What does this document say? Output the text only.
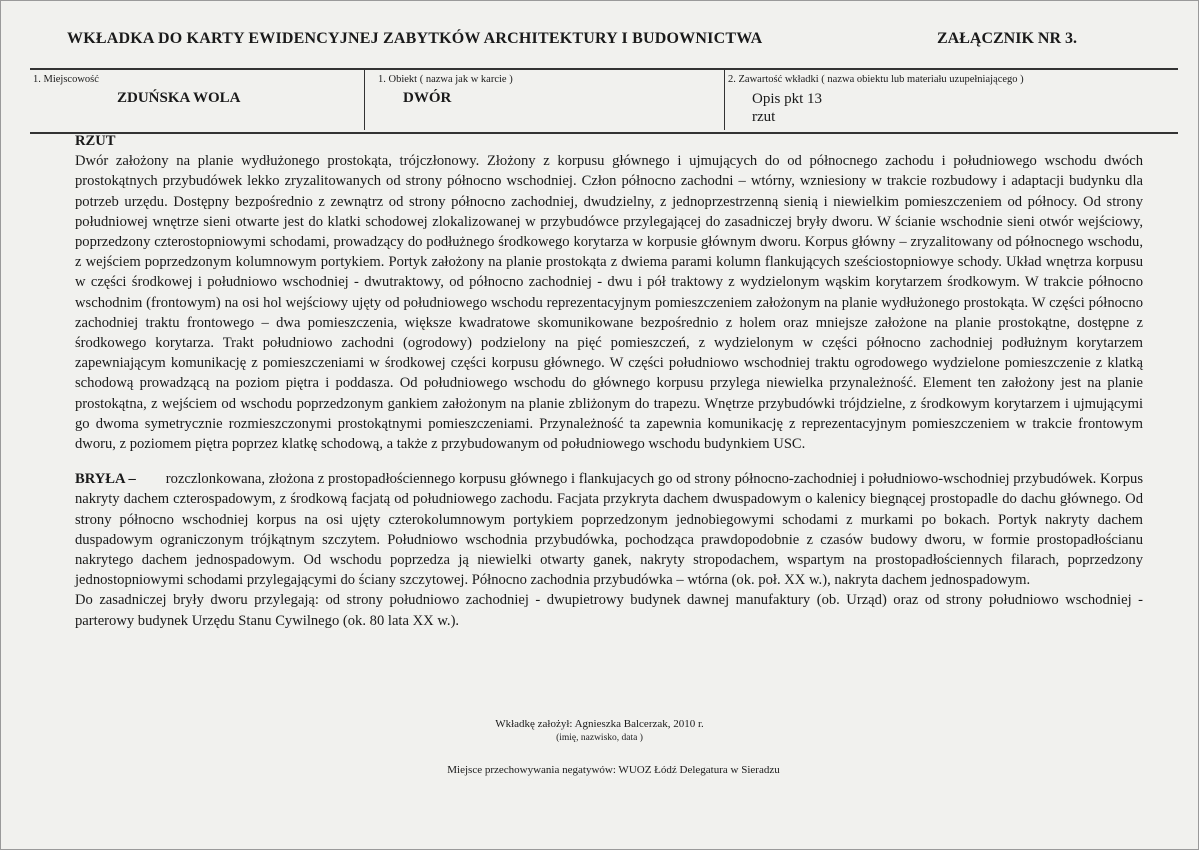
WKŁADKA DO KARTY EWIDENCYJNEJ ZABYTKÓW ARCHITEKTURY I BUDOWNICTWA	ZAŁĄCZNIK NR 3.
1. Miejscowość
ZDUŃSKA WOLA
1. Obiekt ( nazwa jak w karcie )
DWÓR
2. Zawartość wkładki ( nazwa obiektu lub materiału uzupełniającego )
Opis pkt 13
rzut

RZUT

Dwór założony na planie wydłużonego prostokąta, trójczłonowy. Złożony z korpusu głównego i ujmujących do od północnego zachodu i południowego wschodu dwóch prostokątnych przybudówek lekko zryzalitowanych od strony północno wschodniej. Człon północno zachodni – wtórny, wzniesiony w trakcie rozbudowy i adaptacji budynku dla potrzeb urzędu. Dostępny bezpośrednio z zewnątrz od strony północno zachodniej, dwudzielny, z jednoprzestrzenną sienią i niewielkim pomieszczeniem od północy. Od strony południowej wnętrze sieni otwarte jest do klatki schodowej zlokalizowanej w przybudówce przylegającej do zasadniczej bryły dworu. W ścianie wschodnie sieni otwór wejściowy, poprzedzony czterostopniowymi schodami, prowadzący do podłużnego środkowego korytarza w korpusie głównym dworu. Korpus główny – zryzalitowany od północnego wschodu, z wejściem poprzedzonym kolumnowym portykiem. Portyk założony na planie prostokąta z dwiema parami kolumn flankujących sześciostopniowye schody. Układ wnętrza korpusu w części środkowej i południowo wschodniej - dwutraktowy, od północno zachodniej - dwu i pół traktowy z wydzielonym wąskim korytarzem środkowym. W trakcie północno wschodnim (frontowym) na osi hol wejściowy ujęty od południowego wschodu reprezentacyjnym pomieszczeniem założonym na planie wydłużonego prostokąta. W części północno zachodniej traktu frontowego – dwa pomieszczenia, większe kwadratowe skomunikowane bezpośrednio z holem oraz mniejsze założone na planie prostokątne, dostępne z środkowego korytarza. Trakt południowo zachodni (ogrodowy) podzielony na pięć pomieszczeń, z wydzielonym w części północno zachodniej podłużnym korytarzem zapewniającym komunikację z pomieszczeniami w środkowej części korpusu głównego. W części południowo wschodniej traktu ogrodowego wydzielone pomieszczenie z klatką schodową prowadzącą na poziom piętra i poddasza. Od południowego wschodu do głównego korpusu przylega niewielka przynależność. Element ten założony jest na planie prostokątna, z wejściem od wschodu poprzedzonym gankiem założonym na planie zbliżonym do trapezu. Wnętrze przybudówki trójdzielne, z środkowym korytarzem i ujmującymi go dwoma symetrycznie rozmieszczonymi prostokątnymi pomieszczeniami. Przynależność ta zapewnia komunikację z reprezentacyjnym pomieszczeniem w trakcie frontowym dworu, z poziomem piętra poprzez klatkę schodową, a także z przybudowanym od południowego wschodu budynkiem USC.

BRYŁA – rozczlonkowana, złożona z prostopadłościennego korpusu głównego i flankujacych go od strony północno-zachodniej i południowo-wschodniej przybudówek. Korpus nakryty dachem czterospadowym, z środkową facjatą od południowego zachodu. Facjata przykryta dachem dwuspadowym o kalenicy biegnącej prostopadle do dachu głównego. Od strony północno wschodniej korpus na osi ujęty czterokolumnowym portykiem poprzedzonym jednobiegowymi schodami z murkami po bokach. Portyk nakryty dachem duspadowym ograniczonym trójkątnym szczytem. Południowo wschodnia przybudówka, pochodząca prawdopodobnie z czasów budowy dworu, w formie prostopadłościanu nakrytego dachem jednospadowym. Od wschodu poprzedza ją niewielki otwarty ganek, nakryty stropodachem, wspartym na prostopadłościennych filarach, poprzedzony jednostopniowymi schodami przylegającymi do ściany szczytowej. Północno zachodnia przybudówka – wtórna (ok. poł. XX w.), nakryta dachem jednospadowym.

Do zasadniczej bryły dworu przylegają: od strony południowo zachodniej - dwupietrowy budynek dawnej manufaktury (ob. Urząd) oraz od strony południowo wschodniej - parterowy budynek Urzędu Stanu Cywilnego (ok. 80 lata XX w.).

Wkładkę założył: Agnieszka Balcerzak, 2010 r.
(imię, nazwisko, data )
Miejsce przechowywania negatywów: WUOZ Łódź Delegatura w Sieradzu
